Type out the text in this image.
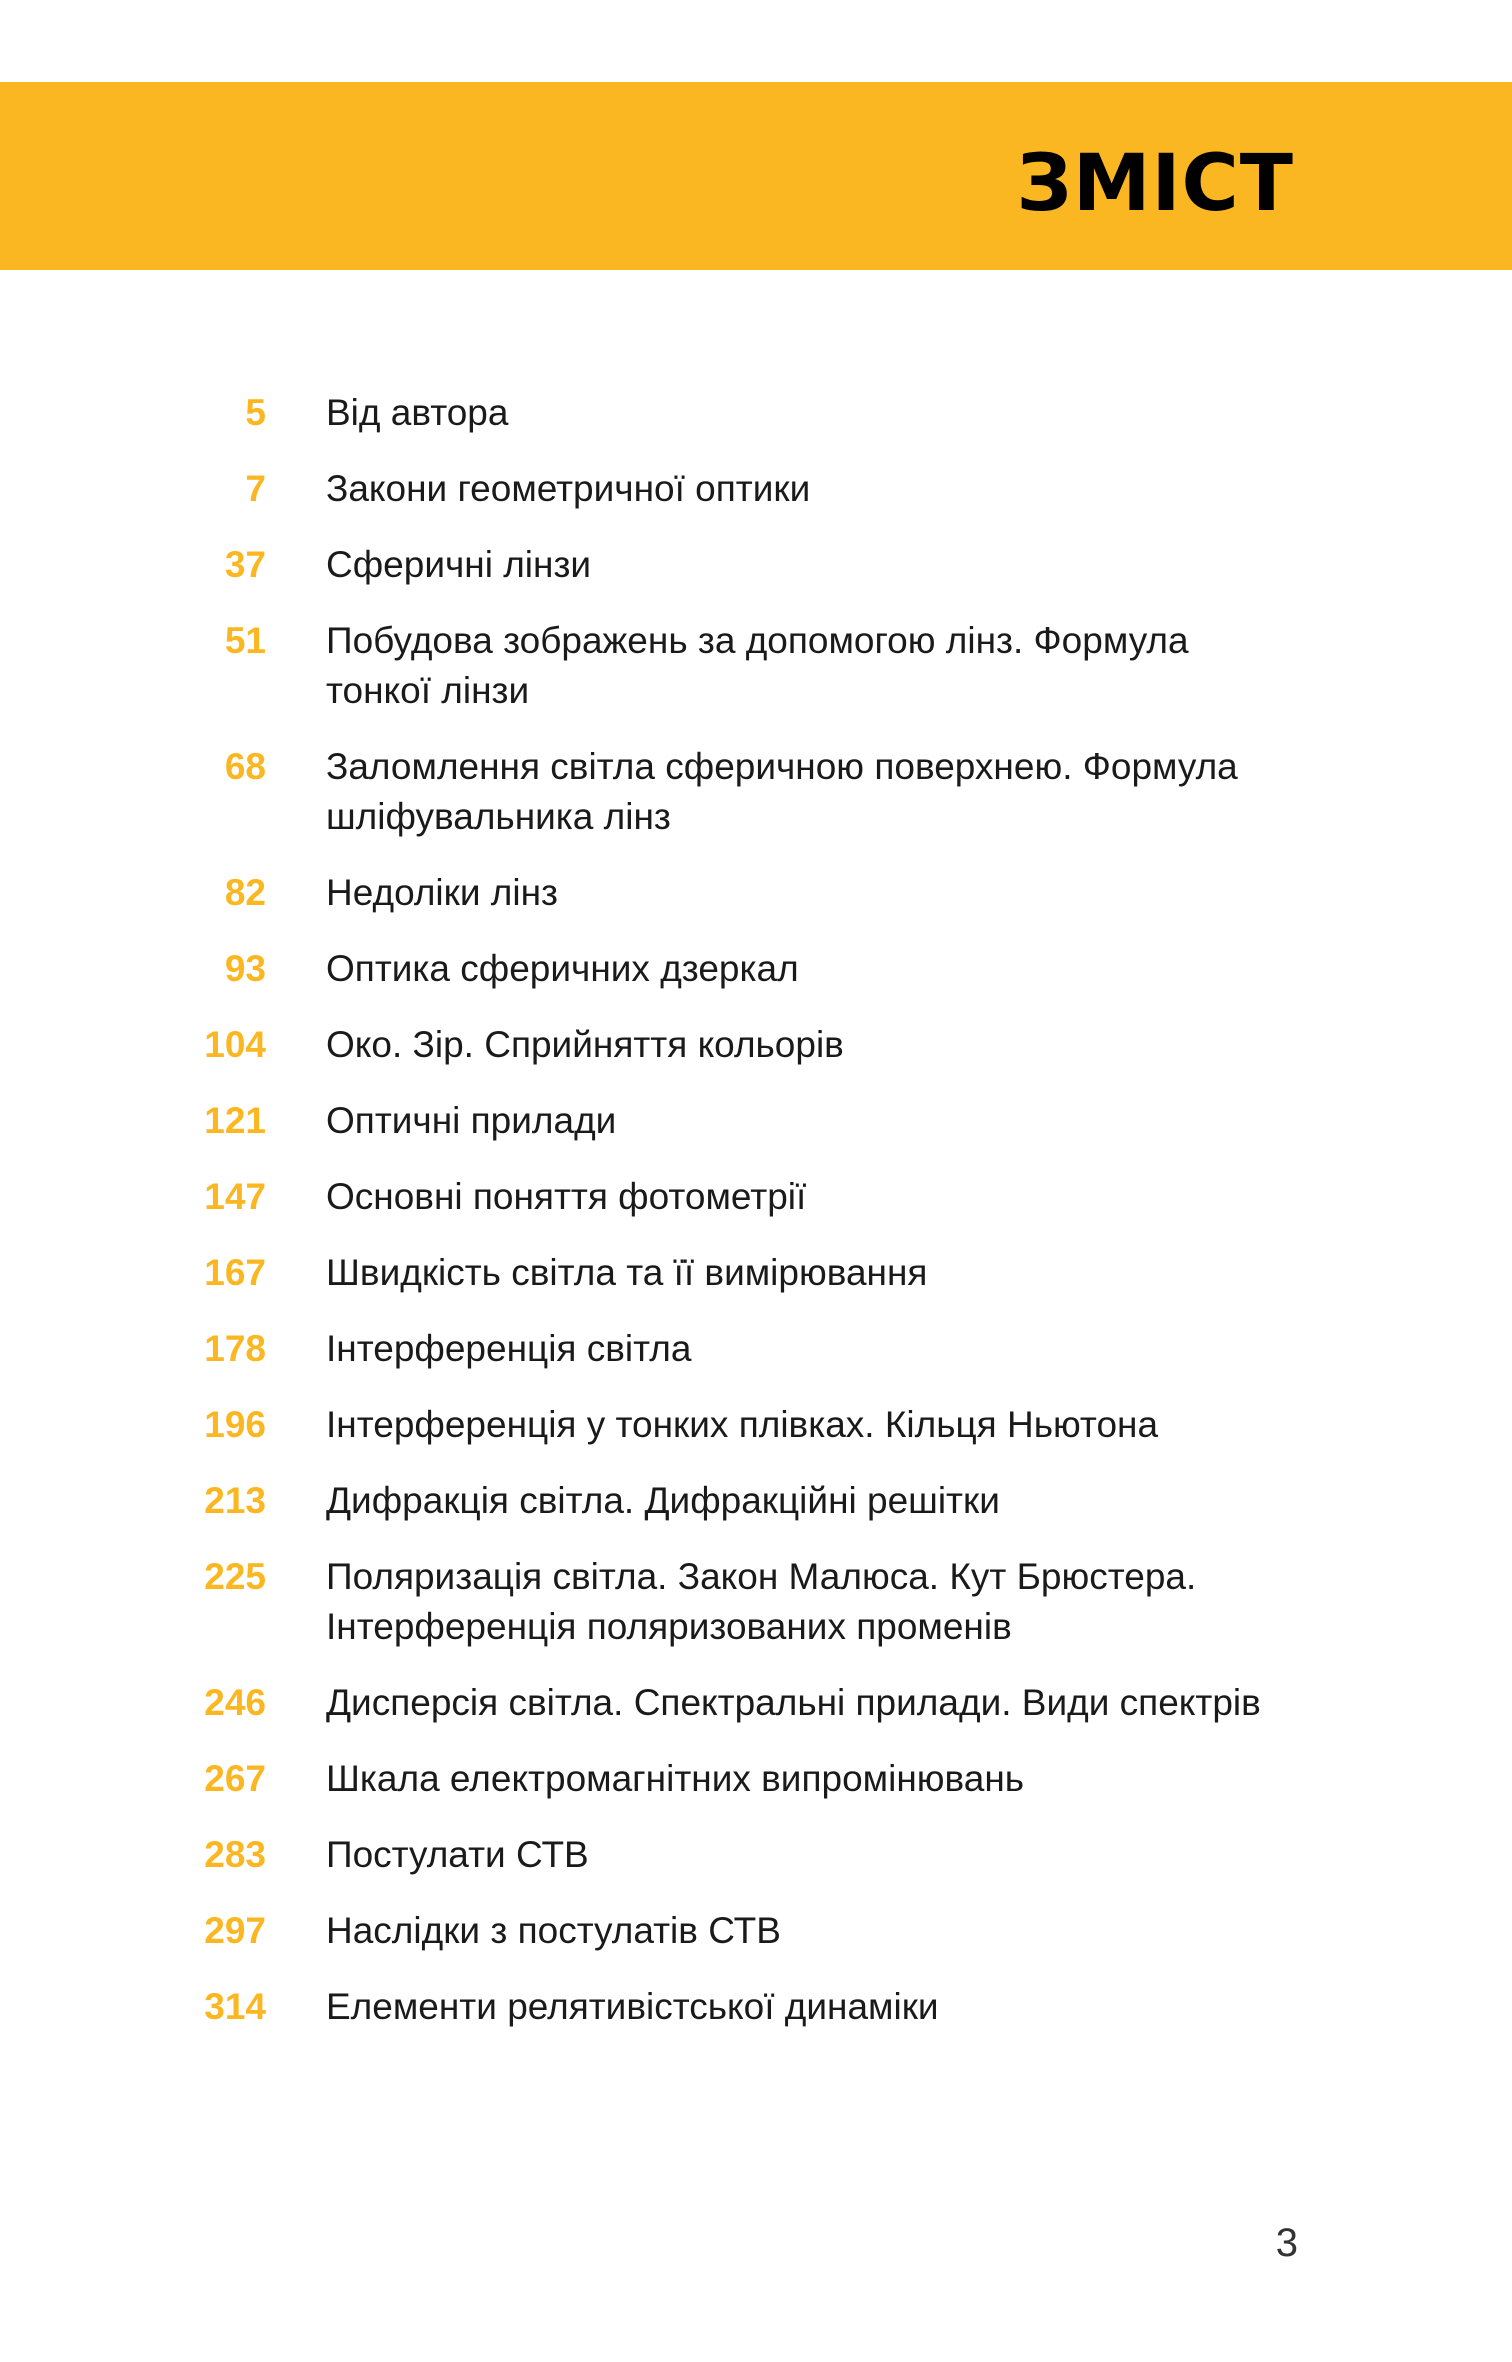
ЗМІСТ
5 Від автора
7 Закони геометричної оптики
37 Сферичні лінзи
51 Побудова зображень за допомогою лінз. Формула тонкої лінзи
68 Заломлення світла сферичною поверхнею. Формула шліфувальника лінз
82 Недоліки лінз
93 Оптика сферичних дзеркал
104 Око. Зір. Сприйняття кольорів
121 Оптичні прилади
147 Основні поняття фотометрії
167 Швидкість світла та її вимірювання
178 Інтерференція світла
196 Інтерференція у тонких плівках. Кільця Ньютона
213 Дифракція світла. Дифракційні решітки
225 Поляризація світла. Закон Малюса. Кут Брюстера. Інтерференція поляризованих променів
246 Дисперсія світла. Спектральні прилади. Види спектрів
267 Шкала електромагнітних випромінювань
283 Постулати СТВ
297 Наслідки з постулатів СТВ
314 Елементи релятивістської динаміки
3
